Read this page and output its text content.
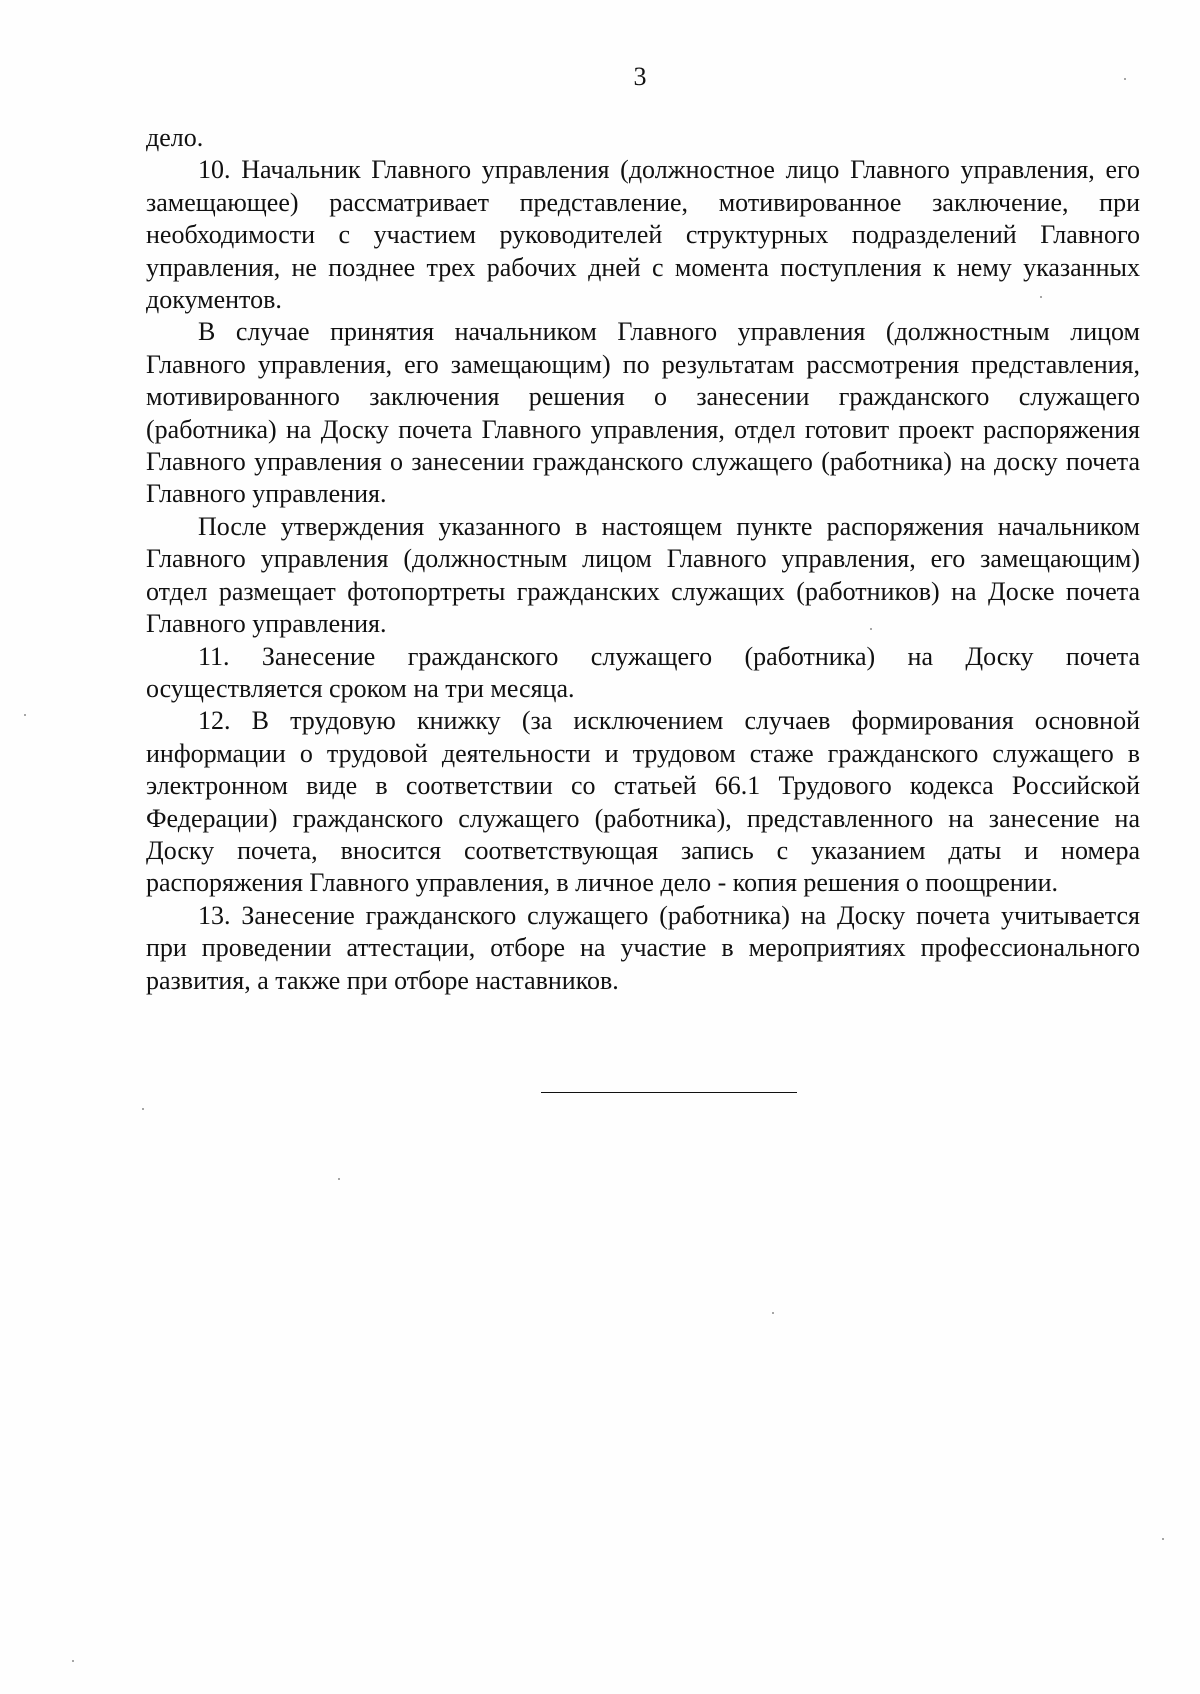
3

дело.

10. Начальник Главного управления (должностное лицо Главного управления, его замещающее) рассматривает представление, мотивированное заключение, при необходимости с участием руководителей структурных подразделений Главного управления, не позднее трех рабочих дней с момента поступления к нему указанных документов.

В случае принятия начальником Главного управления (должностным лицом Главного управления, его замещающим) по результатам рассмотрения представления, мотивированного заключения решения о занесении гражданского служащего (работника) на Доску почета Главного управления, отдел готовит проект распоряжения Главного управления о занесении гражданского служащего (работника) на доску почета Главного управления.

После утверждения указанного в настоящем пункте распоряжения начальником Главного управления (должностным лицом Главного управления, его замещающим) отдел размещает фотопортреты гражданских служащих (работников) на Доске почета Главного управления.

11. Занесение гражданского служащего (работника) на Доску почета осуществляется сроком на три месяца.

12. В трудовую книжку (за исключением случаев формирования основной информации о трудовой деятельности и трудовом стаже гражданского служащего в электронном виде в соответствии со статьей 66.1 Трудового кодекса Российской Федерации) гражданского служащего (работника), представленного на занесение на Доску почета, вносится соответствующая запись с указанием даты и номера распоряжения Главного управления, в личное дело - копия решения о поощрении.

13. Занесение гражданского служащего (работника) на Доску почета учитывается при проведении аттестации, отборе на участие в мероприятиях профессионального развития, а также при отборе наставников.
